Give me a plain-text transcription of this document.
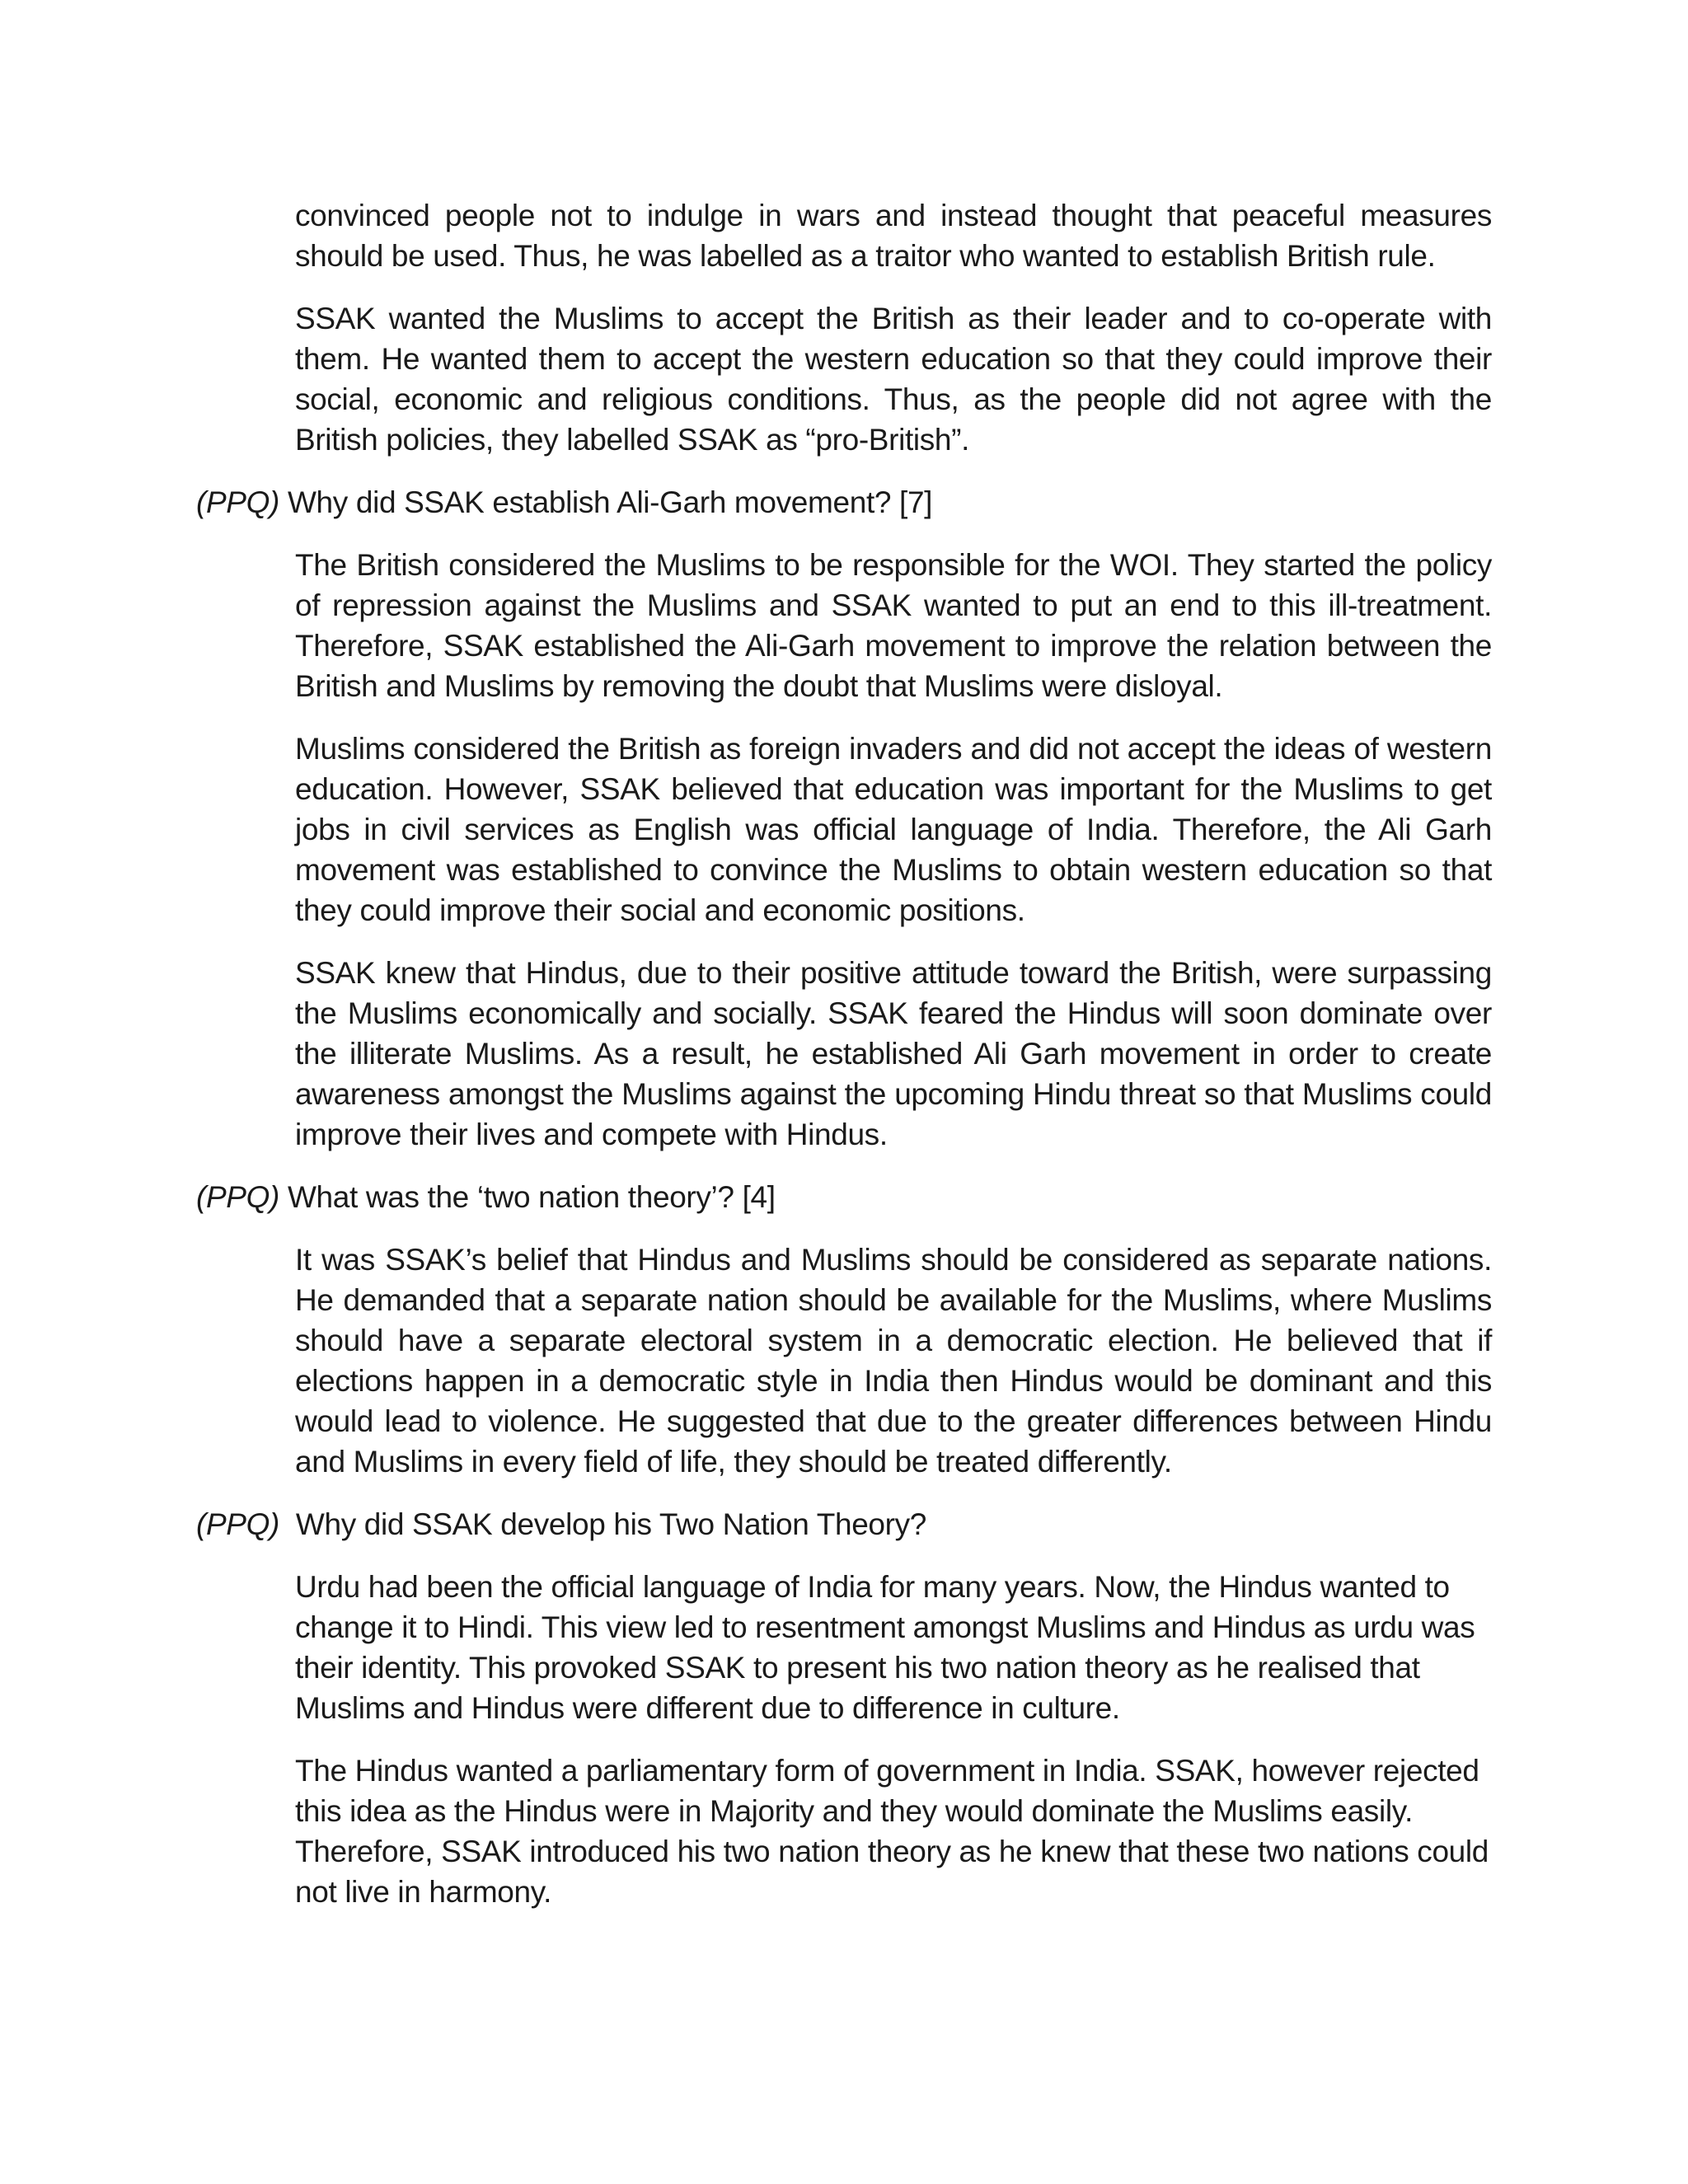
convinced people not to indulge in wars and instead thought that peaceful measures should be used. Thus, he was labelled as a traitor who wanted to establish British rule.

SSAK wanted the Muslims to accept the British as their leader and to co-operate with them. He wanted them to accept the western education so that they could improve their social, economic and religious conditions. Thus, as the people did not agree with the British policies, they labelled SSAK as “pro-British”.

(PPQ) Why did SSAK establish Ali-Garh movement? [7]

The British considered the Muslims to be responsible for the WOI. They started the policy of repression against the Muslims and SSAK wanted to put an end to this ill-treatment. Therefore, SSAK established the Ali-Garh movement to improve the relation between the British and Muslims by removing the doubt that Muslims were disloyal.

Muslims considered the British as foreign invaders and did not accept the ideas of western education. However, SSAK believed that education was important for the Muslims to get jobs in civil services as English was official language of India. Therefore, the Ali Garh movement was established to convince the Muslims to obtain western education so that they could improve their social and economic positions.

SSAK knew that Hindus, due to their positive attitude toward the British, were surpassing the Muslims economically and socially. SSAK feared the Hindus will soon dominate over the illiterate Muslims. As a result, he established Ali Garh movement in order to create awareness amongst the Muslims against the upcoming Hindu threat so that Muslims could improve their lives and compete with Hindus.

(PPQ) What was the ‘two nation theory’? [4]

It was SSAK’s belief that Hindus and Muslims should be considered as separate nations. He demanded that a separate nation should be available for the Muslims, where Muslims should have a separate electoral system in a democratic election. He believed that if elections happen in a democratic style in India then Hindus would be dominant and this would lead to violence. He suggested that due to the greater differences between Hindu and Muslims in every field of life, they should be treated differently.

(PPQ)  Why did SSAK develop his Two Nation Theory?

Urdu had been the official language of India for many years. Now, the Hindus wanted to change it to Hindi. This view led to resentment amongst Muslims and Hindus as urdu was their identity. This provoked SSAK to present his two nation theory as he realised that Muslims and Hindus were different due to difference in culture.

The Hindus wanted a parliamentary form of government in India. SSAK, however rejected this idea as the Hindus were in Majority and they would dominate the Muslims easily. Therefore, SSAK introduced his two nation theory as he knew that these two nations could not live in harmony.
